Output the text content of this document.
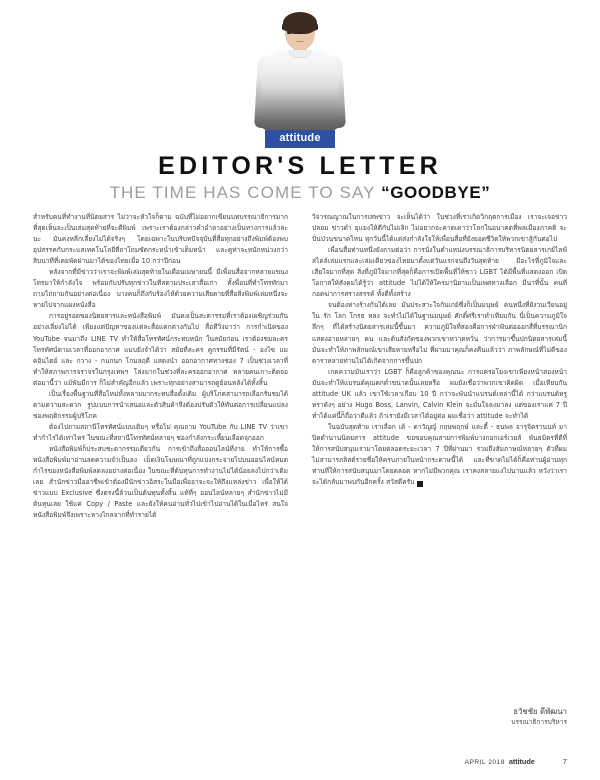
attitude
EDITOR'S LETTER
THE TIME HAS COME TO SAY “GOODBYE”

สำหรับคนที่ทำงานที่นิตยสาร ไม่ว่าจะหัวใจก็ตาม ฉบับที่ไม่อยากเขียนบทบรรณาธิการมากที่สุดเห็นจะเป็นเล่มสุดท้ายที่จะตีพิมพ์ เพราะเราต้องกล่าวคำอำลาอย่างเป็นทางการแล้วละนะ มันคงหลีกเลี่ยงไม่ได้จริงๆ โดยเฉพาะในบริบทปัจจุบันที่สื่อทุกอย่างถึงพิมพ์ต้องพบอุปสรรคกับกระแสเทคโนโลยีที่ถาโถมซัดกระหน่ำเข้าเต็มหน้า และดูท่าจะหนักหน่วงกว่าสิบนาทีที่เคยพัดผ่านมาได้ของไทยเมื่อ 10 กว่าปีก่อน

หลังจากที่มีข่าวว่าเราจะพิมพ์เล่มสุดท้ายในเดือนเมษายนนี้ มีเพื่อนสื่อจากหลายแขนงโทรมาให้กำลังใจ พร้อมกับปรับทุกข่าวในทีสตามประเสาสื่อเก่า ทั้งพื่อนที่ทำโทรทักมาถามไถ่ถามกันอย่างต่อเนื่อง บางคนก็ถึงกับร้องไห้ด้วยความเสียดายที่สื่อสิ่งพิมพ์เล่มหนึ่งจะหายไปจากแผงหนังสือ

การอยู่รอดของนิตยสารและหนังสือพิมพ์ มันคงเป็นสะตารรมที่เราต้องเผชิญร่วมกันอย่างเลี่ยงไม่ได้ เพียงแต่ปัญหาของแต่ละสื่อแตกต่างกันไป สื่อทีวิ่งมาว่า การกำเนิดของ YouTube จนมาถึง LINE TV ทำให้สื่อโทรทัศน์กระทบหนัก ในสมัยก่อน เราต้องชมละครโทรทัศน์ตามเวลาที่ออกอากาศ แมบยังจำได้ว่า สมัยที่ละคร คูกรรมที่มีรัตน์ - องไซ แมคอินไตย์ และ กวาง - กนกนก โกมลฤดี แสดงนำ ออกอากาศทางช่อง 7 เป็นช่วงเวลาที่ทำให้สภาพการจราจรในกรุงเทพฯ โล่งมากในช่วงที่ละครออกอากาศ หลายคนเกาะติดจอ ต่อมานี้ว่า แม้พันมีการ ก็ไม่สำคัญอีกแล้ว เพราะทุกอย่างสามารถดูย้อนหลังได้ทั้งสิ้น

เป็นเรื่องพื้นฐานที่สื่อไหม่ทั้งหลายมากระทบสื่อดั้งเดิม ผู้บริโภคสามารถเลือกรับชมได้ตามความสะดวก รูปแบบการนำเสนอและตัวสินค้าจึงต้องปรับตัวให้ทันต่อการเปลี่ยนแปลงของพฤติกรรมผู้บริโภค

ต้องไปถามสถานีโทรทัศน์แบบเดิมๆ หรือไม่ คุณถาม YouTube กับ LINE TV ว่าเขาทำกำไรได้เท่าไหร่ ในขณะที่สถานีโทรทัศน์หลายๆ ช่องกำลังกระเหี้ยนเลือดจุกออก

หนังสือพิมพ์ก็ประสบชะตากรรมเดียวกัน การเข้าถึงสื่อออนไลน์ที่ง่าย ทำให้การซื้อหนังสือพิมพ์มาอ่านลดความจำเป็นลง เม็ดเงินโฆษณาที่ถูกแบ่งกระจายไปบนออนไลน์หมด กำไรของหนังสือพิมพ์ลดลงอย่างต่อเนื่อง ในขณะที่ต้นทุนการทำงานไม่ได้น้อยลงไปกว่าเดิมเลย สำนักข่าวมืออาชีพเข้าต้องมีนักข่าวอิสระในมือเพื่ออาจะจะให้ถึงแหล่งข่าว เพื่อให้ได้ข่าวแบบ Exclusive ซึ่งตรงนี้ล้วนเป็นต้นทุนทั้งสิ้น แท้ที่ๆ ออนไลน์หลายๆ สำนักข่าวไม่มีต้นทุนเลย ใช้แค่ Copy / Paste และยังให้คนอ่านทั่วไปเข้าไปอ่านได้ในเมื่อไหร่ สนใจ หนังสือพิมพ์จึงเพราะหางไกลจากที่ทำรายได้

วิจารณญาณในการเสพข่าว จะเห็นได้ว่า ในช่วงที่เราเกิดวิกฤตการเมือง เราจะเจอข่าวปลอม ข่าวดำ ยุแยงให้ตีกันไม่เลิก ไม่อยากจะคาดเดาว่าโลกในอนาคตที่พลเมืองภาคติ จะปั่นป่วนขนาดไหน ทุกวันนี้ได้แต่ส่งกำลังใจให้เพื่อนสื่อที่ยังยอดชีวิตให้พวกเขาสู้กันต่อไป

เพื่อนสื่อท่านหนึ่งยังถามต่อว่า การนั่งในตำแหน่งบรรณาธิการบริหารนิตยสารเกย์ไลฟ์สไตล์เล่มแรกและเล่มเดียวของไทยมาตั้งแต่วันแรกจนถึงวันสุดท้าย มีอะไรที่ภูมิใจและเสียใจมากที่สุด สิ่งที่ภูมิใจมากที่สุดก็คือการเปิดพื้นที่ให้ชาว LGBT ได้มีพื้นที่แสดงออก เปิดโอกาสให้สังคมได้รู้ว่า attitude ไม่ได้ให้ใครมานิยามเป็นเพศทางเลือก มีนาที่นั้น คนที่กอดฆ่าการสรางสรรค์ ทั้งตีทั้งสร้าง

จนต้องห่างร้างกันได้เลย มันประสาะใจกันเกย์ซึ่งก็เป็นมนุษย์ คนหนึ่งที่ยังวนเวียนอยู่ใน รัก โลก โกรธ หลง จะทำไม่ได้ในฐานมนุษย์ ศักดิ์ศรีเราทำเทียมกัน นี่เป็นความภูมิใจลึกๆ ที่ได้สร้างนิตยสารเล่มนี้ขึ้นมา ความภูมิใจที่สองคือการฝ่าฟันต่อออกสื่ที่บรรณานิกแสดงอายหลายๆ คน และต้นสังกัดของพวกเขาหวาดหวั่น ว่าการมาขึ้นปกนิตยสารเล่มนี้ มันจะทำให้ภาพลักษณ์เขาเสียหายหรือไม่ ที่ผามมาคุณก็คงคืนแล้วว่า ภาพลักษณ์ที่ไม่ดีของดาราหลายท่านไม่ได้เกิดจากการขึ้นปก

เกดความมันเราว่า LGBT ก็คือลูกค้าของคุณนะ การแค่รอโยงเขาเพียงหน้าสองหน้ามันจะทำให้แบรนด์คุณตกต่ำขนาดนั้นเลยหรือ ผมยังเชื่อว่าพวกเขาคิดผิด เมื่อเทียบกัน attitude UK แล้ว เขาใช้เวลาเกือบ 10 ปี กว่าจะพันนำแบรนด์เหล่านี้ได้ กว่าแบรนด์หรูหราดังๆ อย่าง Hugo Boss, Lanvin, Calvin Klein จะมั่นใจลงมาลง แต่ของเราแค่ 7 ปี ทำได้แค่นี้ก็ถือว่าดีแล้ว ถ้าเรายังมีเวลาได้อยู่ต่อ ผมเชื่อว่า attitude จะทำได้

ในฉบับสุดท้าย เราเลือก เต้ - ดาวัญญ์ กฤษพฤกษ์ และตี้ - ธนพล จารุจิตรานนท์ มาปิดตำนานนิตยสาร attitude ขอขอบคุณสายการพิมพ์บางกอกเอร์เวยส์ พันธมิตรที่ดีที่ให้การสนับสนุนเรามาโดยตลอดระยะเวลา 7 ปีที่ผ่านมา รวมถึงสัมภาษณ์หลายๆ ตัวที่ผมไม่สามารถลิสต์รายชื่อให้ครบภายในหน้ากระดาษนี้ได้ และที่ขาดไม่ได้ก็คือท่านผู้อ่านทุกท่านที่ให้การสนับสนุนมาโดยตลอด หากไม่มีพวกคุณ เราคงสลายแงไปนานแล้ว หวังว่าเราจะได้กลับมาพบกันอีกครั้ง สวัสดีครับ	a

ธวัชชัย ดีพัฒนา
บรรณาธิการบริหาร
APRIL 2018 attitude	7
